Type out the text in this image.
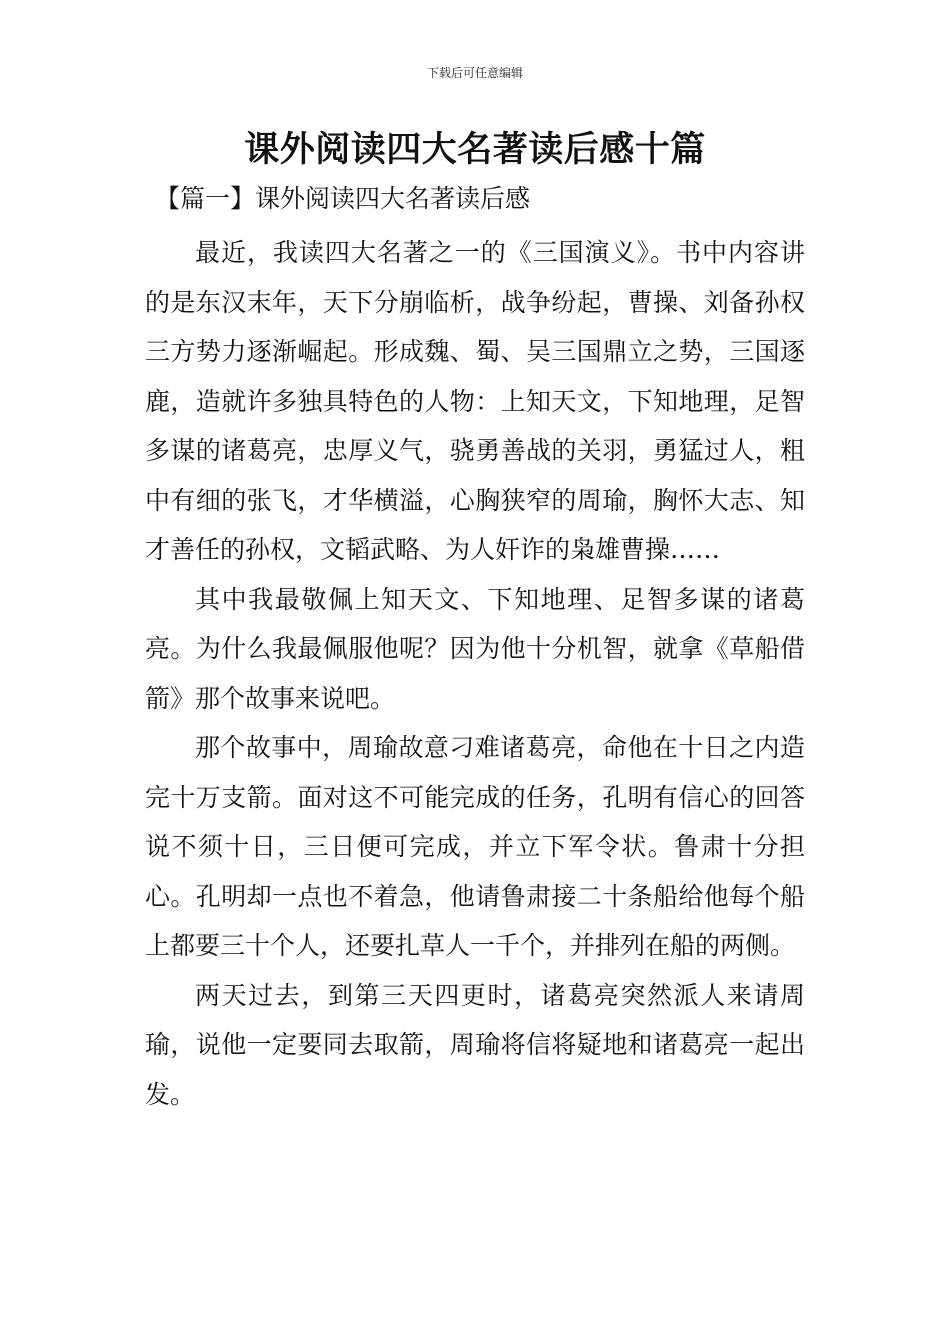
下载后可任意编辑
课外阅读四大名著读后感十篇
【篇一】课外阅读四大名著读后感

最近，我读四大名著之一的《三国演义》。书中内容讲的是东汉末年，天下分崩临析，战争纷起，曹操、刘备孙权三方势力逐渐崛起。形成魏、蜀、吴三国鼎立之势，三国逐鹿，造就许多独具特色的人物：上知天文，下知地理，足智多谋的诸葛亮，忠厚义气，骁勇善战的关羽，勇猛过人，粗中有细的张飞，才华横溢，心胸狭窄的周瑜，胸怀大志、知才善任的孙权，文韬武略、为人奸诈的枭雄曹操……

其中我最敬佩上知天文、下知地理、足智多谋的诸葛亮。为什么我最佩服他呢？因为他十分机智，就拿《草船借箭》那个故事来说吧。

那个故事中，周瑜故意刁难诸葛亮，命他在十日之内造完十万支箭。面对这不可能完成的任务，孔明有信心的回答说不须十日，三日便可完成，并立下军令状。鲁肃十分担心。孔明却一点也不着急，他请鲁肃接二十条船给他每个船上都要三十个人，还要扎草人一千个，并排列在船的两侧。

两天过去，到第三天四更时，诸葛亮突然派人来请周瑜，说他一定要同去取箭，周瑜将信将疑地和诸葛亮一起出发。
